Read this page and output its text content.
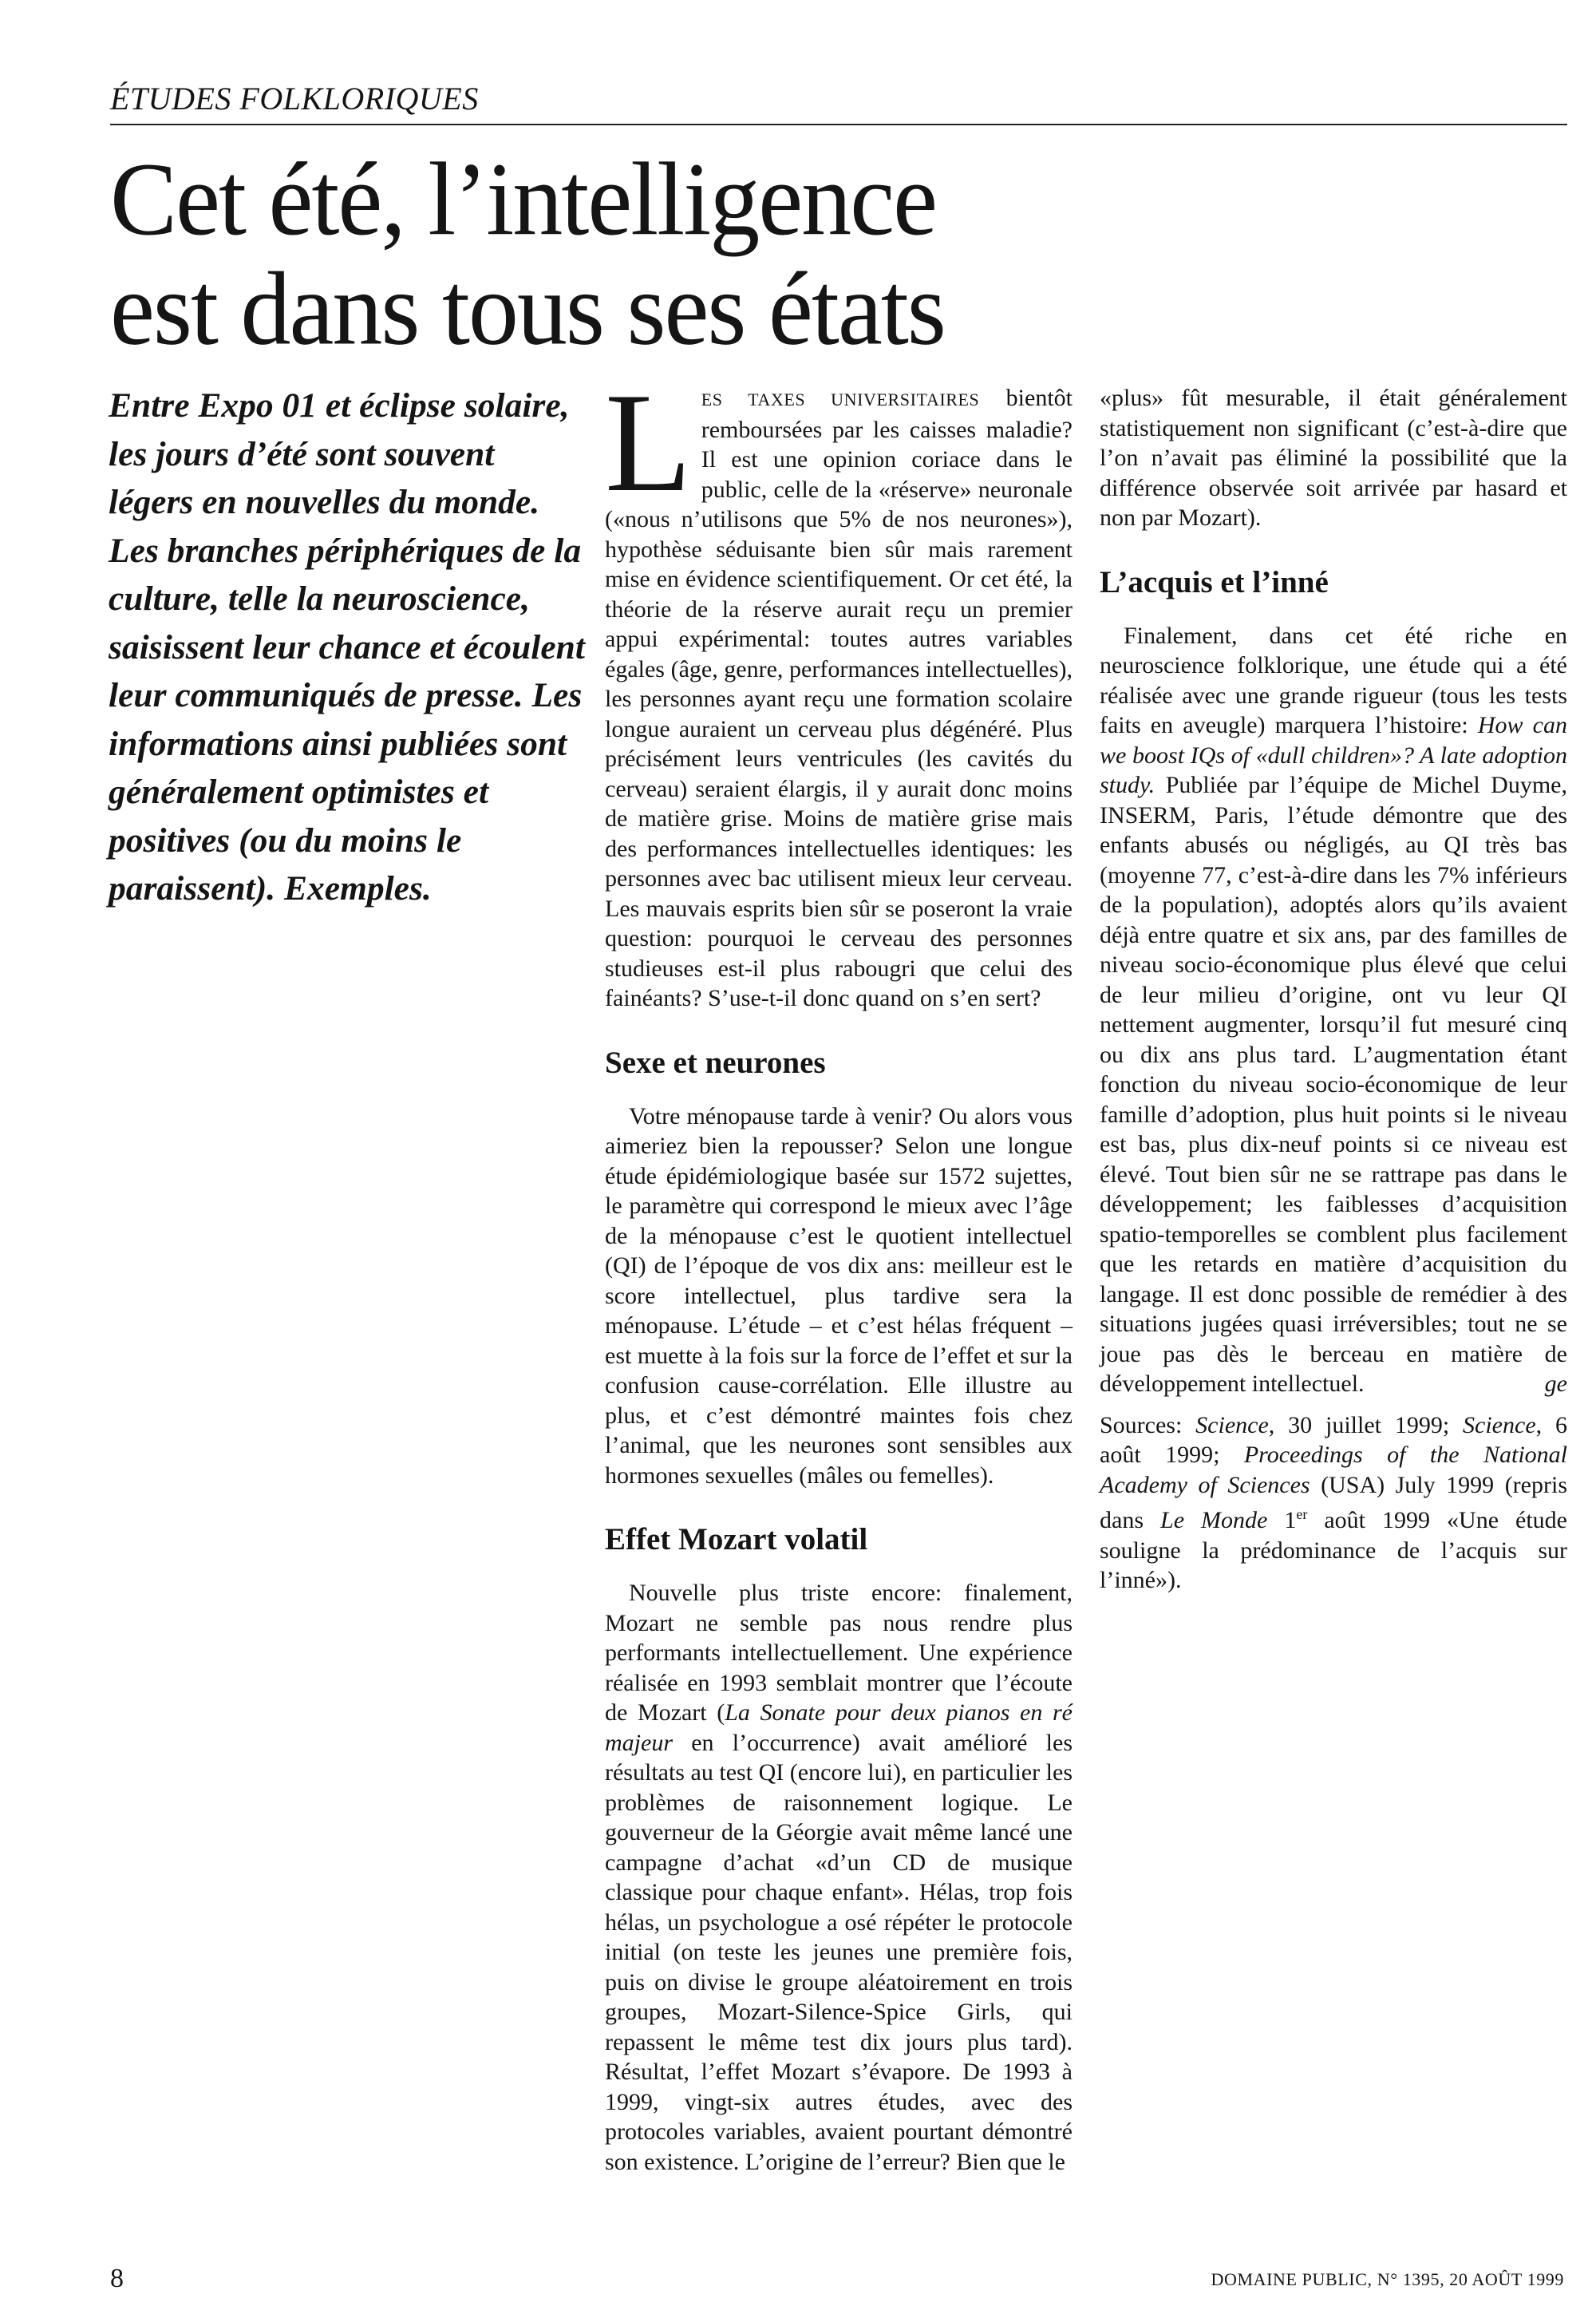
ÉTUDES FOLKLORIQUES
Cet été, l’intelligence
est dans tous ses états

Entre Expo 01 et éclipse solaire, les jours d’été sont souvent légers en nouvelles du monde.

Les branches périphériques de la culture, telle la neuroscience, saisissent leur chance et écoulent leur communiqués de presse. Les informations ainsi publiées sont généralement optimistes et positives (ou du moins le paraissent). Exemples.

LES TAXES UNIVERSITAIRES bientôt remboursées par les caisses maladie? Il est une opinion coriace dans le public, celle de la «réserve» neuronale («nous n’utilisons que 5% de nos neurones»), hypothèse séduisante bien sûr mais rarement mise en évidence scientifiquement. Or cet été, la théorie de la réserve aurait reçu un premier appui expérimental: toutes autres variables égales (âge, genre, performances intellectuelles), les personnes ayant reçu une formation scolaire longue auraient un cerveau plus dégénéré. Plus précisément leurs ventricules (les cavités du cerveau) seraient élargis, il y aurait donc moins de matière grise. Moins de matière grise mais des performances intellectuelles identiques: les personnes avec bac utilisent mieux leur cerveau. Les mauvais esprits bien sûr se poseront la vraie question: pourquoi le cerveau des personnes studieuses est-il plus rabougri que celui des fainéants? S’use-t-il donc quand on s’en sert?

Sexe et neurones

Votre ménopause tarde à venir? Ou alors vous aimeriez bien la repousser? Selon une longue étude épidémiologique basée sur 1572 sujettes, le paramètre qui correspond le mieux avec l’âge de la ménopause c’est le quotient intellectuel (QI) de l’époque de vos dix ans: meilleur est le score intellectuel, plus tardive sera la ménopause. L’étude – et c’est hélas fréquent – est muette à la fois sur la force de l’effet et sur la confusion cause-corrélation. Elle illustre au plus, et c’est démontré maintes fois chez l’animal, que les neurones sont sensibles aux hormones sexuelles (mâles ou femelles).

Effet Mozart volatil

Nouvelle plus triste encore: finalement, Mozart ne semble pas nous rendre plus performants intellectuellement. Une expérience réalisée en 1993 semblait montrer que l’écoute de Mozart (La Sonate pour deux pianos en ré majeur en l’occurrence) avait amélioré les résultats au test QI (encore lui), en particulier les problèmes de raisonnement logique. Le gouverneur de la Géorgie avait même lancé une campagne d’achat «d’un CD de musique classique pour chaque enfant». Hélas, trop fois hélas, un psychologue a osé répéter le protocole initial (on teste les jeunes une première fois, puis on divise le groupe aléatoirement en trois groupes, Mozart-Silence-Spice Girls, qui repassent le même test dix jours plus tard). Résultat, l’effet Mozart s’évapore. De 1993 à 1999, vingt-six autres études, avec des protocoles variables, avaient pourtant démontré son existence. L’origine de l’erreur? Bien que le

«plus» fût mesurable, il était généralement statistiquement non significant (c’est-à-dire que l’on n’avait pas éliminé la possibilité que la différence observée soit arrivée par hasard et non par Mozart).

L’acquis et l’inné

Finalement, dans cet été riche en neuroscience folklorique, une étude qui a été réalisée avec une grande rigueur (tous les tests faits en aveugle) marquera l’histoire: How can we boost IQs of «dull children»? A late adoption study. Publiée par l’équipe de Michel Duyme, INSERM, Paris, l’étude démontre que des enfants abusés ou négligés, au QI très bas (moyenne 77, c’est-à-dire dans les 7% inférieurs de la population), adoptés alors qu’ils avaient déjà entre quatre et six ans, par des familles de niveau socio-économique plus élevé que celui de leur milieu d’origine, ont vu leur QI nettement augmenter, lorsqu’il fut mesuré cinq ou dix ans plus tard. L’augmentation étant fonction du niveau socio-économique de leur famille d’adoption, plus huit points si le niveau est bas, plus dix-neuf points si ce niveau est élevé. Tout bien sûr ne se rattrape pas dans le développement; les faiblesses d’acquisition spatio-temporelles se comblent plus facilement que les retards en matière d’acquisition du langage. Il est donc possible de remédier à des situations jugées quasi irréversibles; tout ne se joue pas dès le berceau en matière de développement intellectuel.	ge

Sources: Science, 30 juillet 1999; Science, 6 août 1999; Proceedings of the National Academy of Sciences (USA) July 1999 (repris dans Le Monde 1er août 1999 «Une étude souligne la prédominance de l’acquis sur l’inné»).

8	DOMAINE PUBLIC, N° 1395, 20 AOÛT 1999
